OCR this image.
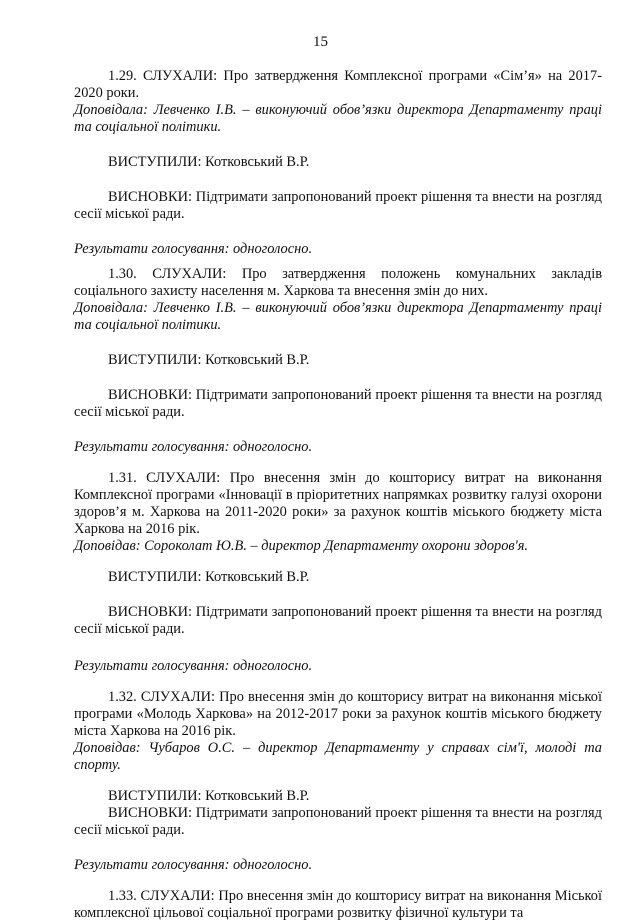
15

1.29. СЛУХАЛИ: Про затвердження Комплексної програми «Сім’я» на 2017-2020 роки.

Доповідала: Левченко І.В. – виконуючий обов’язки директора Департаменту праці та соціальної політики.

ВИСТУПИЛИ: Котковський В.Р.

ВИСНОВКИ: Підтримати запропонований проект рішення та внести на розгляд сесії міської ради.

Результати голосування: одноголосно.

1.30. СЛУХАЛИ: Про затвердження положень комунальних закладів соціального захисту населення м. Харкова та внесення змін до них.

Доповідала: Левченко І.В. – виконуючий обов’язки директора Департаменту праці та соціальної політики.

ВИСТУПИЛИ: Котковський В.Р.

ВИСНОВКИ: Підтримати запропонований проект рішення та внести на розгляд сесії міської ради.

Результати голосування: одноголосно.

1.31. СЛУХАЛИ: Про внесення змін до кошторису витрат на виконання Комплексної програми «Інновації в пріоритетних напрямках розвитку галузі охорони здоров’я м. Харкова на 2011-2020 роки» за рахунок коштів міського бюджету міста Харкова на 2016 рік.

Доповідав: Сороколат Ю.В. – директор Департаменту охорони здоров'я.

ВИСТУПИЛИ: Котковський В.Р.

ВИСНОВКИ: Підтримати запропонований проект рішення та внести на розгляд сесії міської ради.

Результати голосування: одноголосно.

1.32. СЛУХАЛИ: Про внесення змін до кошторису витрат на виконання міської програми «Молодь Харкова» на 2012-2017 роки за рахунок коштів міського бюджету міста Харкова на 2016 рік.

Доповідав: Чубаров О.С. – директор Департаменту у справах сім'ї, молоді та спорту.

ВИСТУПИЛИ: Котковський В.Р.

ВИСНОВКИ: Підтримати запропонований проект рішення та внести на розгляд сесії міської ради.

Результати голосування: одноголосно.

1.33. СЛУХАЛИ: Про внесення змін до кошторису витрат на виконання Міської комплексної цільової соціальної програми розвитку фізичної культури та
